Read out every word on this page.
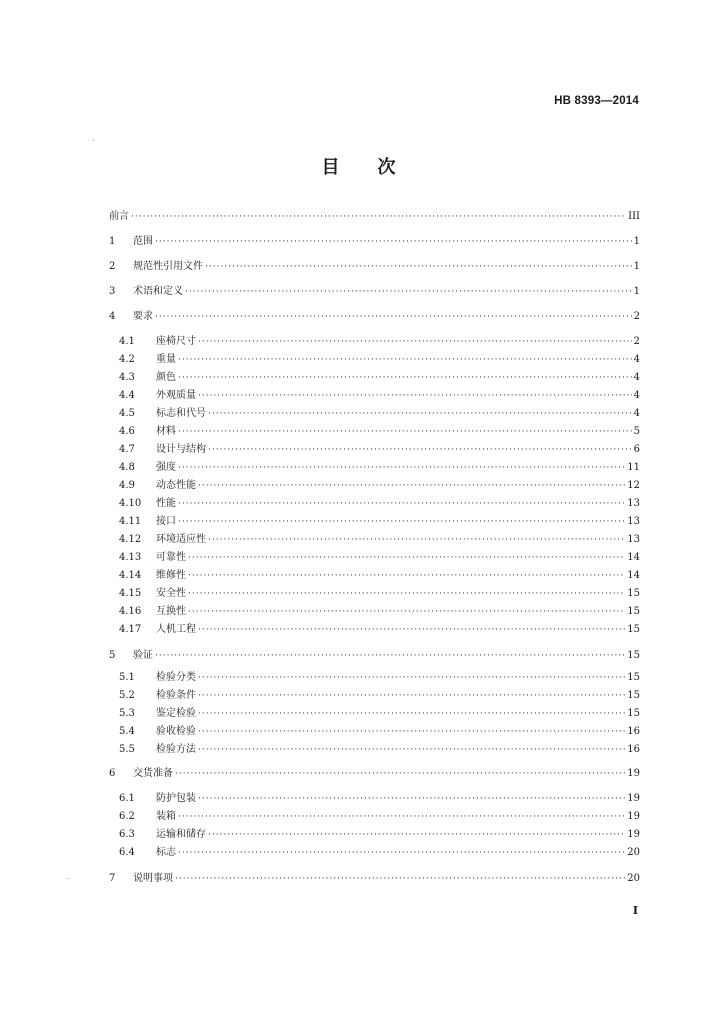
HB 8393—2014
目 次
前言 ·····	III
1	范围 ·····	1
2	规范性引用文件 ·····	1
3	术语和定义 ·····	1
4	要求 ·····	2
4.1	座椅尺寸 ·····	2
4.2	重量 ·····	4
4.3	颜色 ·····	4
4.4	外观质量 ·····	4
4.5	标志和代号 ·····	4
4.6	材料 ·····	5
4.7	设计与结构 ·····	6
4.8	强度 ·····	11
4.9	动态性能 ·····	12
4.10	性能 ·····	13
4.11	接口 ·····	13
4.12	环境适应性 ·····	13
4.13	可靠性 ·····	14
4.14	维修性 ·····	14
4.15	安全性 ·····	15
4.16	互换性 ·····	15
4.17	人机工程 ·····	15
5	验证 ·····	15
5.1	检验分类 ·····	15
5.2	检验条件 ·····	15
5.3	鉴定检验 ·····	15
5.4	验收检验 ·····	16
5.5	检验方法 ·····	16
6	交货准备 ·····	19
6.1	防护包装 ·····	19
6.2	装箱 ·····	19
6.3	运输和储存 ·····	19
6.4	标志 ·····	20
7	说明事项 ·····	20
I
